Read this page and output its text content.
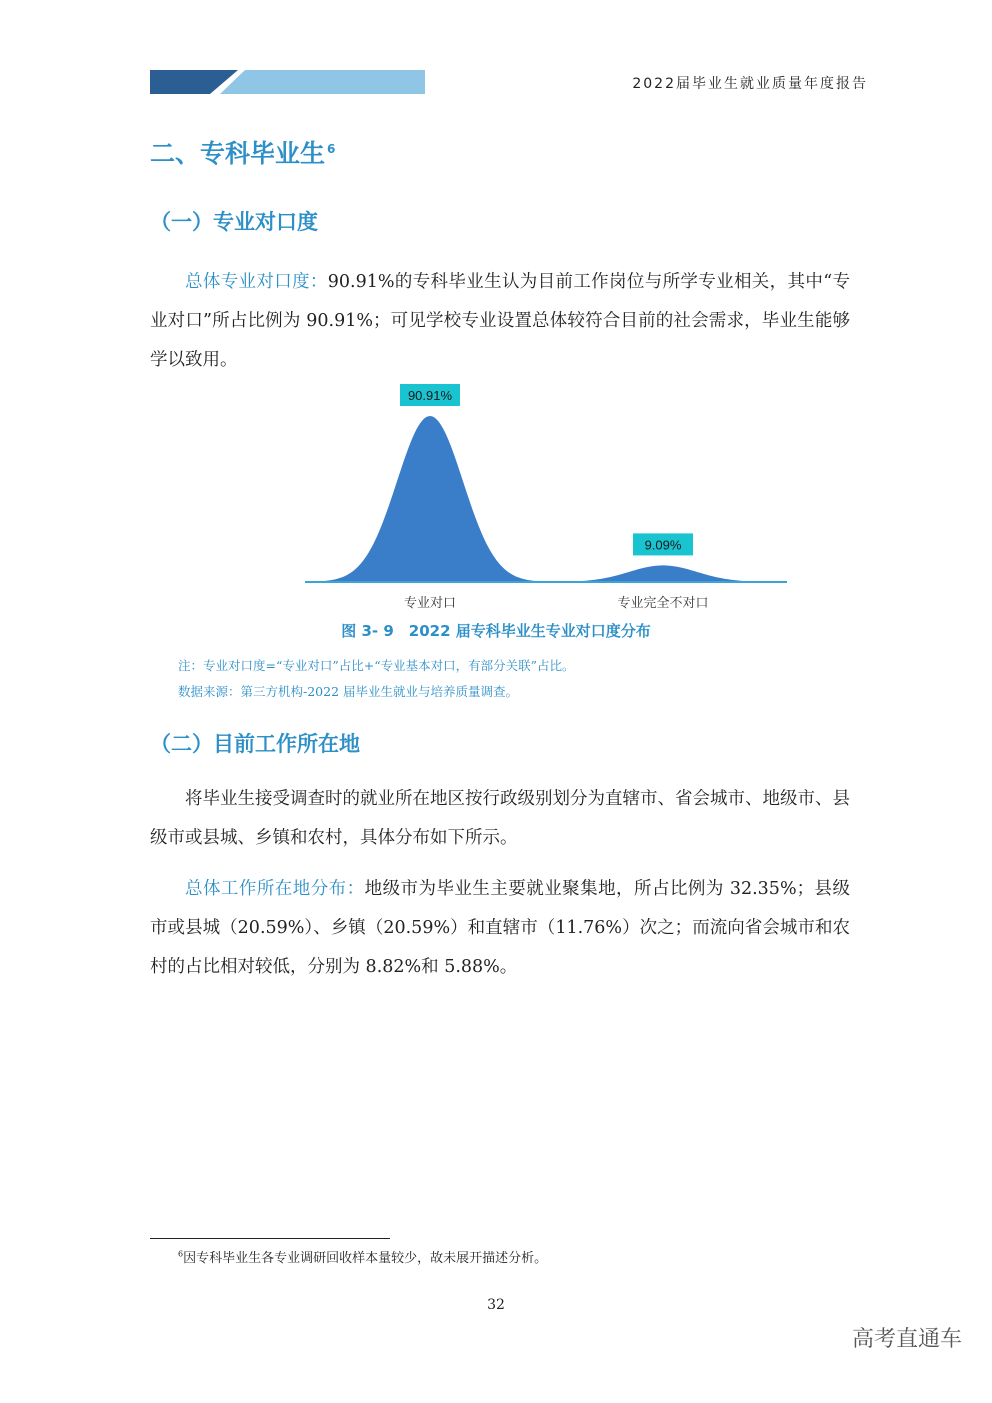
2022届毕业生就业质量年度报告
二、专科毕业生 $^6$
（一）专业对口度
总体专业对口度：90.91%的专科毕业生认为目前工作岗位与所学专业相关，其中“专业对口”所占比例为 90.91%；可见学校专业设置总体较符合目前的社会需求，毕业生能够学以致用。
90.91%
专业对口
9.09%
专业完全不对口
图 3- 9　2022 届专科毕业生专业对口度分布
注：专业对口度=“专业对口”占比+“专业基本对口，有部分关联”占比。
数据来源：第三方机构-2022 届毕业生就业与培养质量调查。
（二）目前工作所在地
将毕业生接受调查时的就业所在地区按行政级别划分为直辖市、省会城市、地级市、县级市或县城、乡镇和农村，具体分布如下所示。
总体工作所在地分布：地级市为毕业生主要就业聚集地，所占比例为 32.35%；县级市或县城（20.59%）、乡镇（20.59%）和直辖市（11.76%）次之；而流向省会城市和农村的占比相对较低，分别为 8.82%和 5.88%。
$^6$因专科毕业生各专业调研回收样本量较少，故未展开描述分析。
32
高考直通车
